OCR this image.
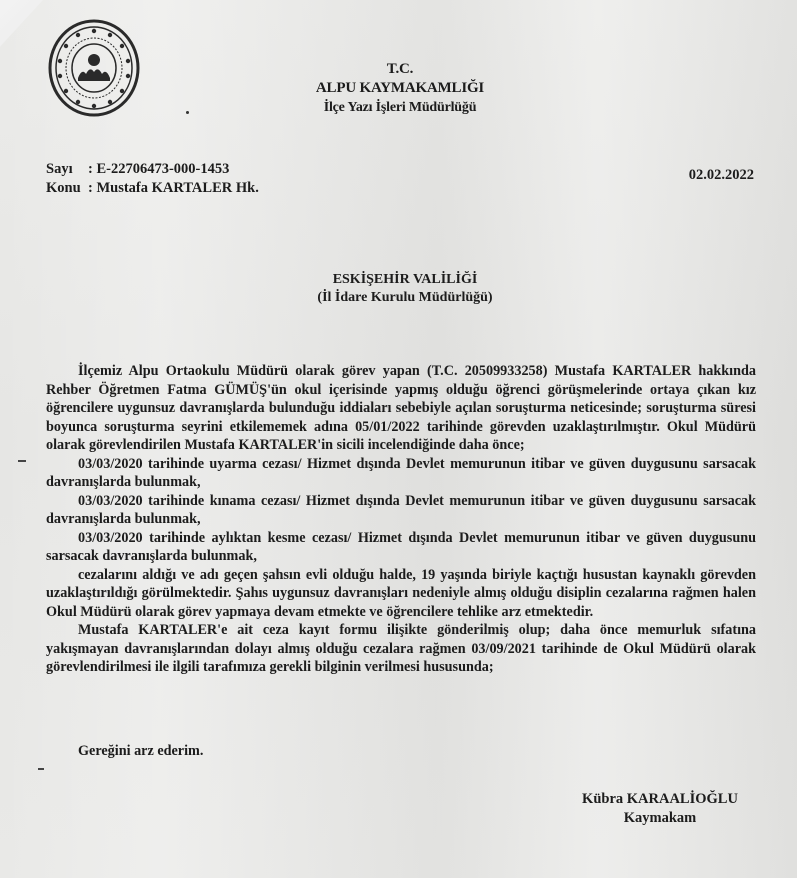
T.C.
ALPU KAYMAKAMLIĞI
İlçe Yazı İşleri Müdürlüğü
Sayı : E-22706473-000-1453
Konu : Mustafa KARTALER Hk.
02.02.2022
ESKİŞEHİR VALİLİĞİ
(İl İdare Kurulu Müdürlüğü)

İlçemiz Alpu Ortaokulu Müdürü olarak görev yapan (T.C. 20509933258) Mustafa KARTALER hakkında Rehber Öğretmen Fatma GÜMÜŞ'ün okul içerisinde yapmış olduğu öğrenci görüşmelerinde ortaya çıkan kız öğrencilere uygunsuz davranışlarda bulunduğu iddiaları sebebiyle açılan soruşturma neticesinde; soruşturma süresi boyunca soruşturma seyrini etkilememek adına 05/01/2022 tarihinde görevden uzaklaştırılmıştır. Okul Müdürü olarak görevlendirilen Mustafa KARTALER'in sicili incelendiğinde daha önce;

03/03/2020 tarihinde uyarma cezası/ Hizmet dışında Devlet memurunun itibar ve güven duygusunu sarsacak davranışlarda bulunmak,

03/03/2020 tarihinde kınama cezası/ Hizmet dışında Devlet memurunun itibar ve güven duygusunu sarsacak davranışlarda bulunmak,

03/03/2020 tarihinde aylıktan kesme cezası/ Hizmet dışında Devlet memurunun itibar ve güven duygusunu sarsacak davranışlarda bulunmak,

cezalarını aldığı ve adı geçen şahsın evli olduğu halde, 19 yaşında biriyle kaçtığı husustan kaynaklı görevden uzaklaştırıldığı görülmektedir. Şahıs uygunsuz davranışları nedeniyle almış olduğu disiplin cezalarına rağmen halen Okul Müdürü olarak görev yapmaya devam etmekte ve öğrencilere tehlike arz etmektedir.

Mustafa KARTALER'e ait ceza kayıt formu ilişikte gönderilmiş olup; daha önce memurluk sıfatına yakışmayan davranışlarından dolayı almış olduğu cezalara rağmen 03/09/2021 tarihinde de Okul Müdürü olarak görevlendirilmesi ile ilgili tarafımıza gerekli bilginin verilmesi hususunda;

Gereğini arz ederim.
Kübra KARAALİOĞLU
Kaymakam
